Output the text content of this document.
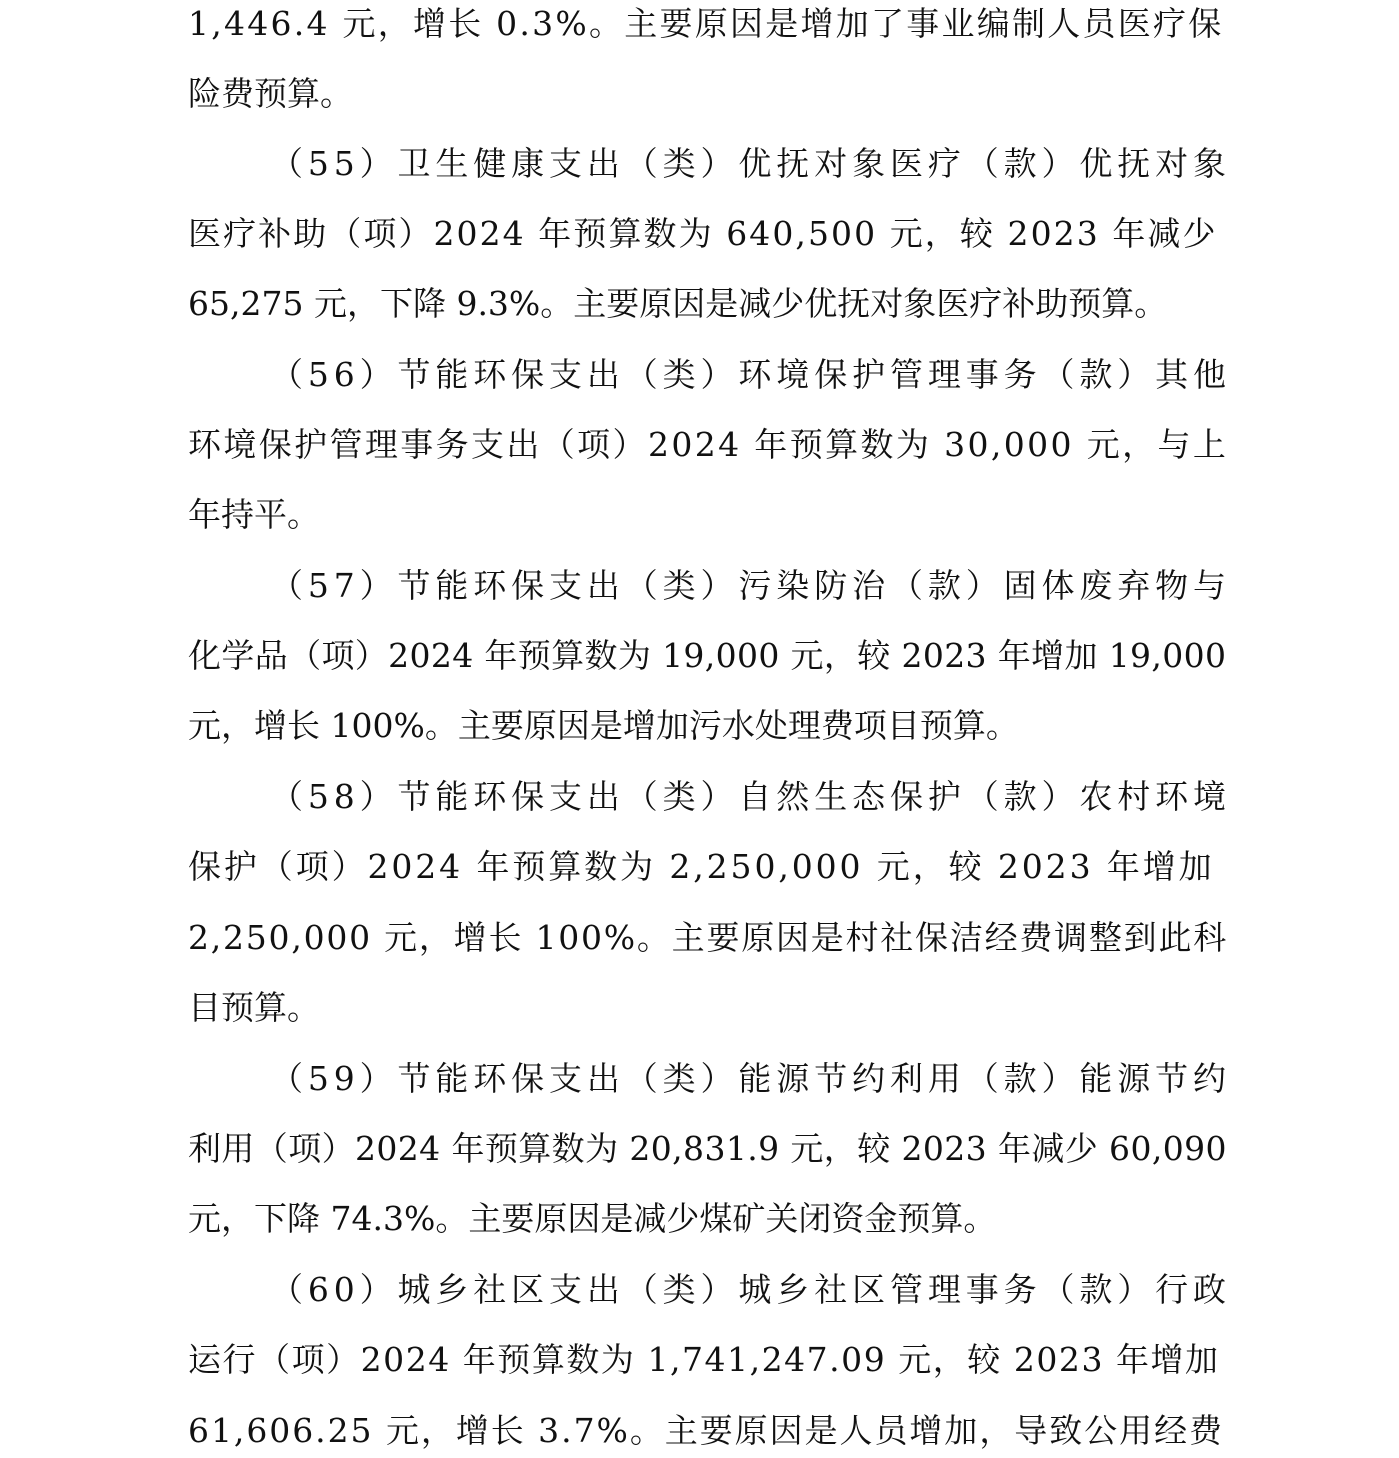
1,446.4 元，增长 0.3%。主要原因是增加了事业编制人员医疗保

险费预算。

（55）卫生健康支出（类）优抚对象医疗（款）优抚对象

医疗补助（项）2024 年预算数为 640,500 元，较 2023 年减少

65,275 元，下降 9.3%。主要原因是减少优抚对象医疗补助预算。

（56）节能环保支出（类）环境保护管理事务（款）其他

环境保护管理事务支出（项）2024 年预算数为 30,000 元，与上

年持平。

（57）节能环保支出（类）污染防治（款）固体废弃物与

化学品（项）2024 年预算数为 19,000 元，较 2023 年增加 19,000

元，增长 100%。主要原因是增加污水处理费项目预算。

（58）节能环保支出（类）自然生态保护（款）农村环境

保护（项）2024 年预算数为 2,250,000 元，较 2023 年增加

2,250,000 元，增长 100%。主要原因是村社保洁经费调整到此科

目预算。

（59）节能环保支出（类）能源节约利用（款）能源节约

利用（项）2024 年预算数为 20,831.9 元，较 2023 年减少 60,090

元，下降 74.3%。主要原因是减少煤矿关闭资金预算。

（60）城乡社区支出（类）城乡社区管理事务（款）行政

运行（项）2024 年预算数为 1,741,247.09 元，较 2023 年增加

61,606.25 元，增长 3.7%。主要原因是人员增加，导致公用经费
